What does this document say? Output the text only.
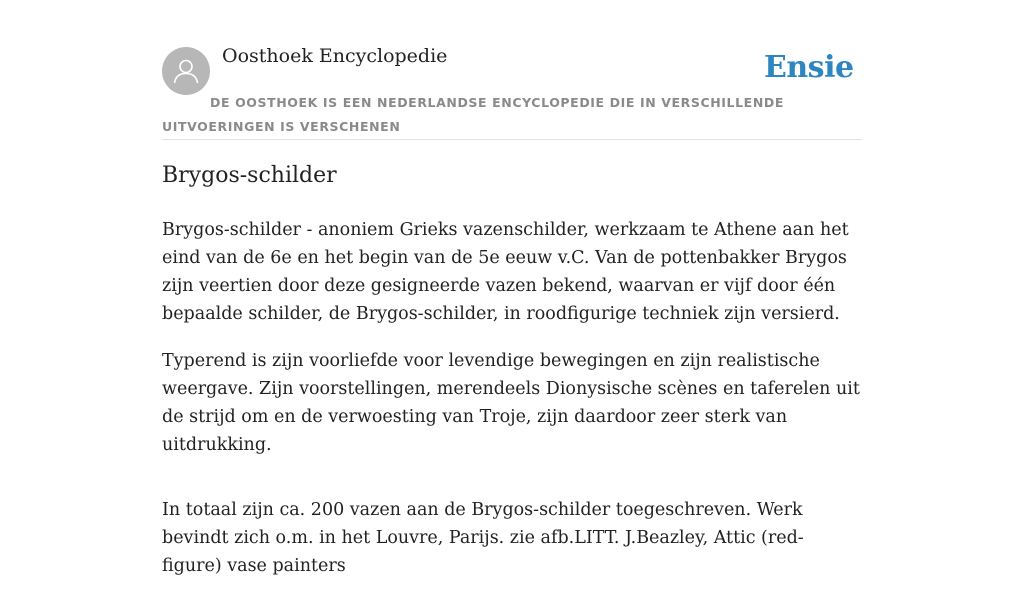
Oosthoek Encyclopedie	Ensie
DE OOSTHOEK IS EEN NEDERLANDSE ENCYCLOPEDIE DIE IN VERSCHILLENDE UITVOERINGEN IS VERSCHENEN
Brygos-schilder

Brygos-schilder - anoniem Grieks vazenschilder, werkzaam te Athene aan het eind van de 6e en het begin van de 5e eeuw v.C. Van de pottenbakker Brygos zijn veertien door deze gesigneerde vazen bekend, waarvan er vijf door één bepaalde schilder, de Brygos-schilder, in roodfigurige techniek zijn versierd.

Typerend is zijn voorliefde voor levendige bewegingen en zijn realistische weergave. Zijn voorstellingen, merendeels Dionysische scènes en taferelen uit de strijd om en de verwoesting van Troje, zijn daardoor zeer sterk van uitdrukking.

In totaal zijn ca. 200 vazen aan de Brygos-schilder toegeschreven. Werk bevindt zich o.m. in het Louvre, Parijs. zie afb.LITT. J.Beazley, Attic (red-figure) vase painters
